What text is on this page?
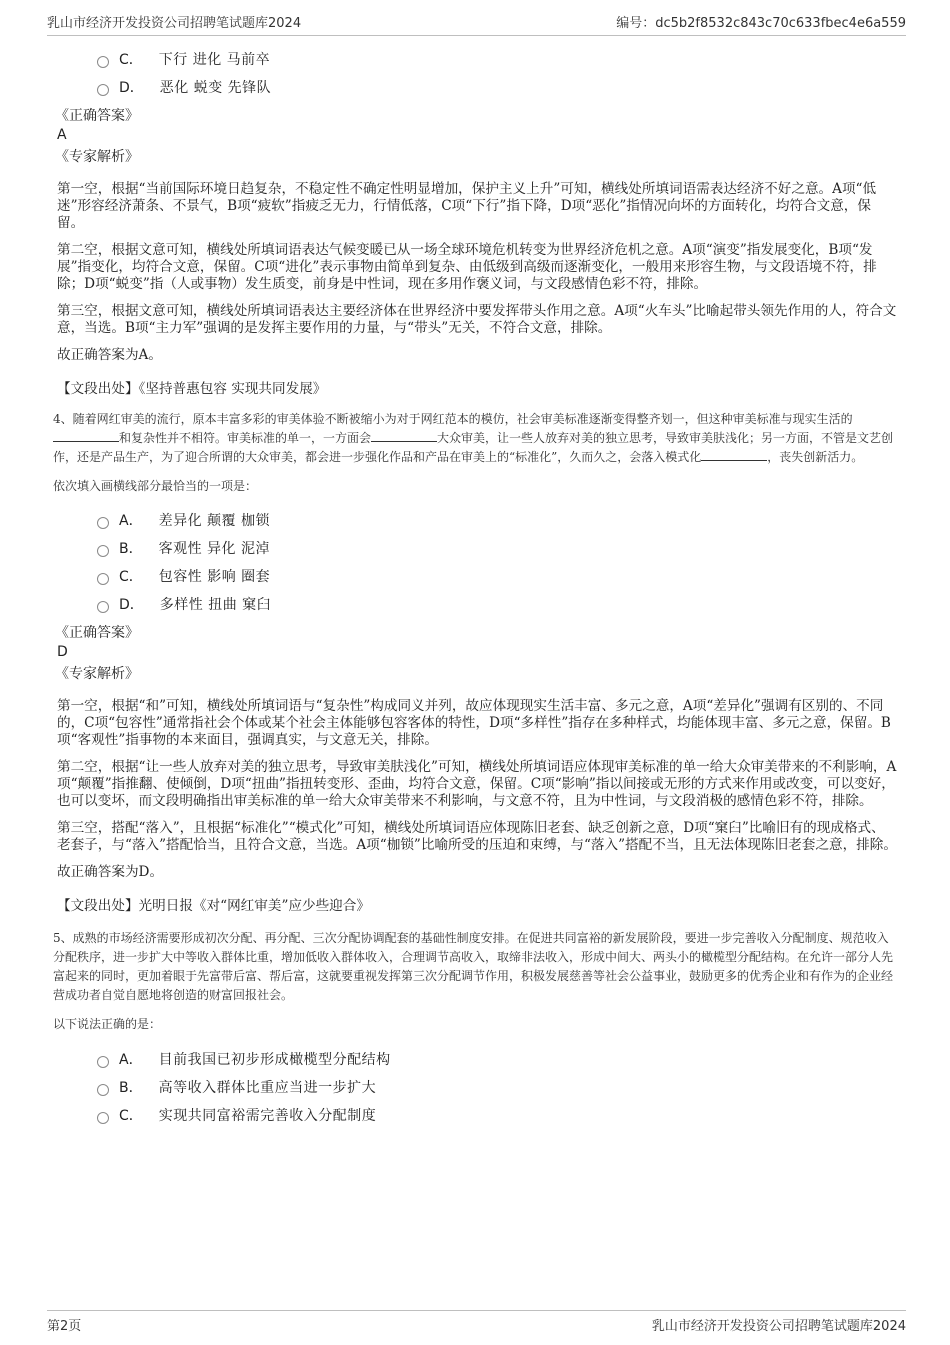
乳山市经济开发投资公司招聘笔试题库2024	编号：dc5b2f8532c843c70c633fbec4e6a559
C． 下行 进化 马前卒
D． 恶化 蜕变 先锋队
《正确答案》
A
《专家解析》
第一空，根据“当前国际环境日趋复杂，不稳定性不确定性明显增加，保护主义上升”可知，横线处所填词语需表达经济不好之意。A项“低迷”形容经济萧条、不景气，B项“疲软”指疲乏无力，行情低落，C项“下行”指下降，D项“恶化”指情况向坏的方面转化，均符合文意，保留。
第二空，根据文意可知，横线处所填词语表达气候变暖已从一场全球环境危机转变为世界经济危机之意。A项“演变”指发展变化，B项“发展”指变化，均符合文意，保留。C项“进化”表示事物由简单到复杂、由低级到高级而逐渐变化，一般用来形容生物，与文段语境不符，排除；D项“蜕变”指（人或事物）发生质变，前身是中性词，现在多用作褒义词，与文段感情色彩不符，排除。
第三空，根据文意可知，横线处所填词语表达主要经济体在世界经济中要发挥带头作用之意。A项“火车头”比喻起带头领先作用的人，符合文意，当选。B项“主力军”强调的是发挥主要作用的力量，与“带头”无关，不符合文意，排除。
故正确答案为A。
【文段出处】《坚持普惠包容 实现共同发展》
4、随着网红审美的流行，原本丰富多彩的审美体验不断被缩小为对于网红范本的模仿，社会审美标准逐渐变得整齐划一，但这种审美标准与现实生活的和复杂性并不相符。审美标准的单一，一方面会	大众审美，让一些人放弃对美的独立思考，导致审美肤浅化；另一方面，不管是文艺创作，还是产品生产，为了迎合所谓的大众审美，都会进一步强化作品和产品在审美上的“标准化”，久而久之，会落入模式化	，丧失创新活力。
依次填入画横线部分最恰当的一项是：
A． 差异化 颠覆 枷锁
B． 客观性 异化 泥淖
C． 包容性 影响 圈套
D． 多样性 扭曲 窠臼
《正确答案》
D
《专家解析》
第一空，根据“和”可知，横线处所填词语与“复杂性”构成同义并列，故应体现现实生活丰富、多元之意，A项“差异化”强调有区别的、不同的，C项“包容性”通常指社会个体或某个社会主体能够包容客体的特性，D项“多样性”指存在多种样式，均能体现丰富、多元之意，保留。B项“客观性”指事物的本来面目，强调真实，与文意无关，排除。
第二空，根据“让一些人放弃对美的独立思考，导致审美肤浅化”可知，横线处所填词语应体现审美标准的单一给大众审美带来的不利影响，A项“颠覆”指推翻、使倾倒，D项“扭曲”指扭转变形、歪曲，均符合文意，保留。C项“影响”指以间接或无形的方式来作用或改变，可以变好，也可以变坏，而文段明确指出审美标准的单一给大众审美带来不利影响，与文意不符，且为中性词，与文段消极的感情色彩不符，排除。
第三空，搭配“落入”，且根据“标准化”“模式化”可知，横线处所填词语应体现陈旧老套、缺乏创新之意，D项“窠臼”比喻旧有的现成格式、老套子，与“落入”搭配恰当，且符合文意，当选。A项“枷锁”比喻所受的压迫和束缚，与“落入”搭配不当，且无法体现陈旧老套之意，排除。
故正确答案为D。
【文段出处】光明日报《对“网红审美”应少些迎合》
5、成熟的市场经济需要形成初次分配、再分配、三次分配协调配套的基础性制度安排。在促进共同富裕的新发展阶段，要进一步完善收入分配制度、规范收入分配秩序，进一步扩大中等收入群体比重，增加低收入群体收入，合理调节高收入，取缔非法收入，形成中间大、两头小的橄榄型分配结构。在允许一部分人先富起来的同时，更加着眼于先富带后富、帮后富，这就要重视发挥第三次分配调节作用，积极发展慈善等社会公益事业，鼓励更多的优秀企业和有作为的企业经营成功者自觉自愿地将创造的财富回报社会。
以下说法正确的是：
A． 目前我国已初步形成橄榄型分配结构
B． 高等收入群体比重应当进一步扩大
C． 实现共同富裕需完善收入分配制度
第2页	乳山市经济开发投资公司招聘笔试题库2024
